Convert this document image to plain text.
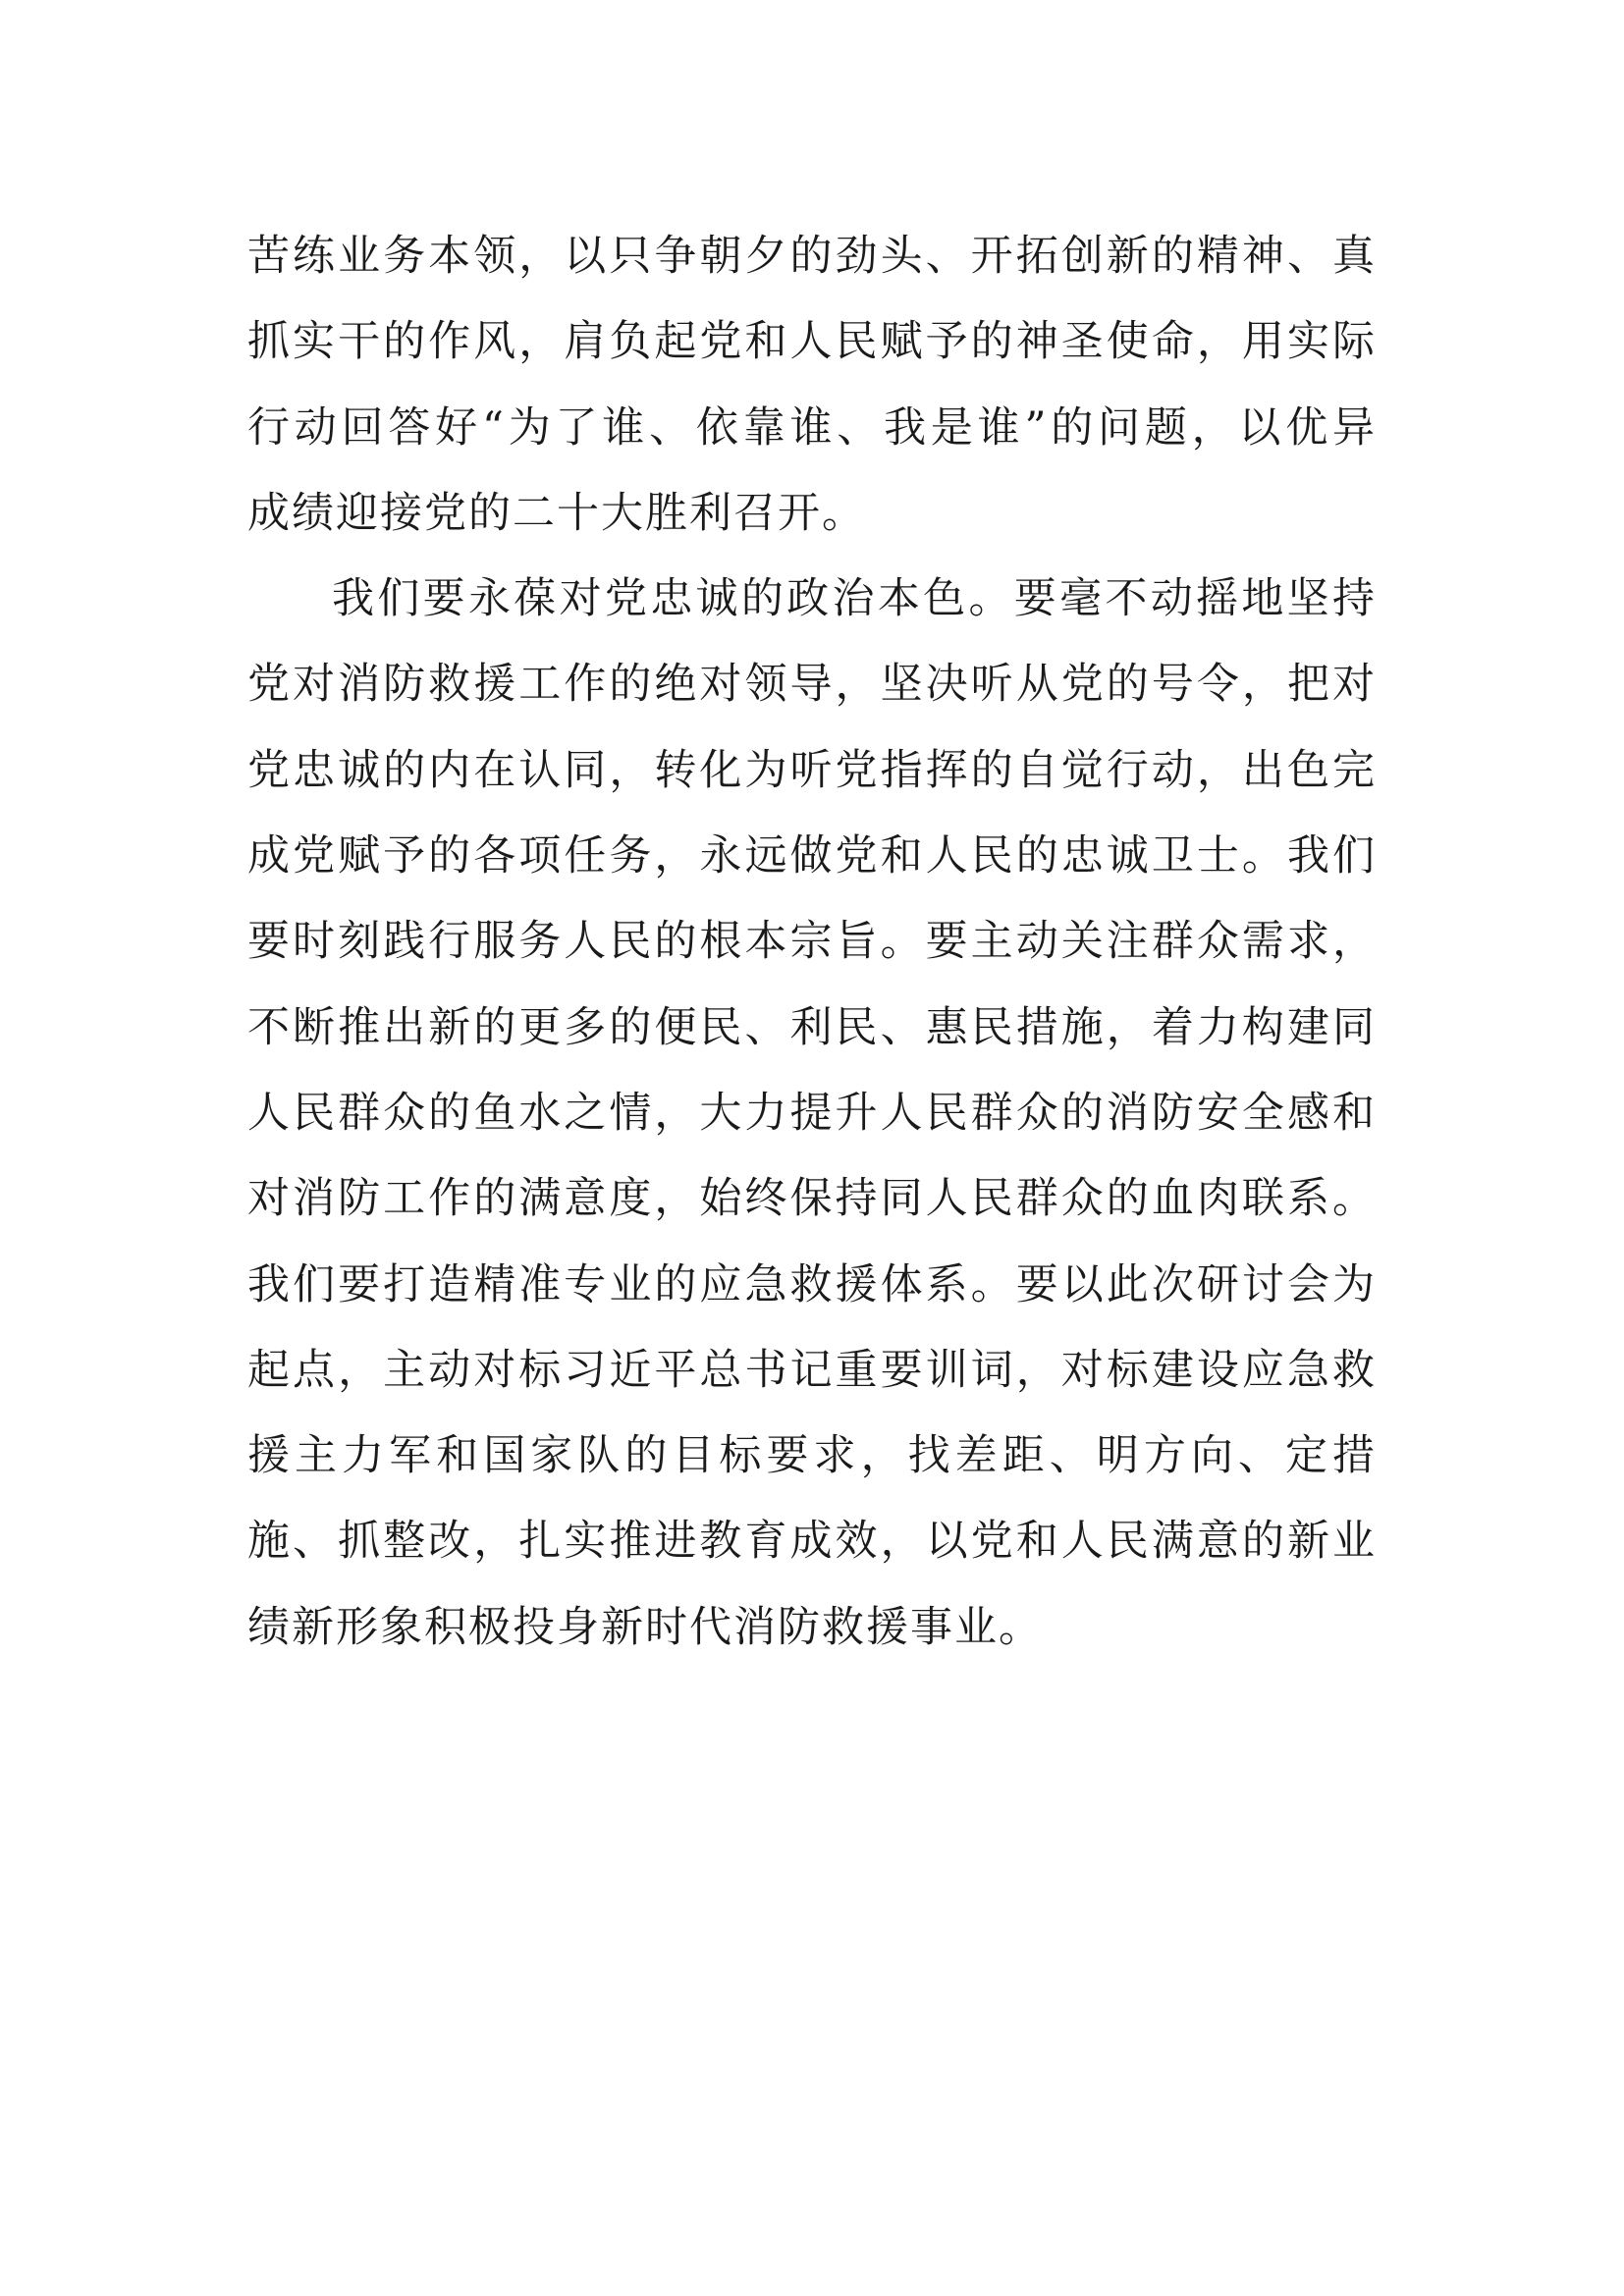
苦练业务本领，以只争朝夕的劲头、开拓创新的精神、真
抓实干的作风，肩负起党和人民赋予的神圣使命，用实际
行动回答好“为了谁、依靠谁、我是谁”的问题，以优异
成绩迎接党的二十大胜利召开。
我们要永葆对党忠诚的政治本色。要毫不动摇地坚持
党对消防救援工作的绝对领导，坚决听从党的号令，把对
党忠诚的内在认同，转化为听党指挥的自觉行动，出色完
成党赋予的各项任务，永远做党和人民的忠诚卫士。我们
要时刻践行服务人民的根本宗旨。要主动关注群众需求，
不断推出新的更多的便民、利民、惠民措施，着力构建同
人民群众的鱼水之情，大力提升人民群众的消防安全感和
对消防工作的满意度，始终保持同人民群众的血肉联系。
我们要打造精准专业的应急救援体系。要以此次研讨会为
起点，主动对标习近平总书记重要训词，对标建设应急救
援主力军和国家队的目标要求，找差距、明方向、定措
施、抓整改，扎实推进教育成效，以党和人民满意的新业
绩新形象积极投身新时代消防救援事业。
